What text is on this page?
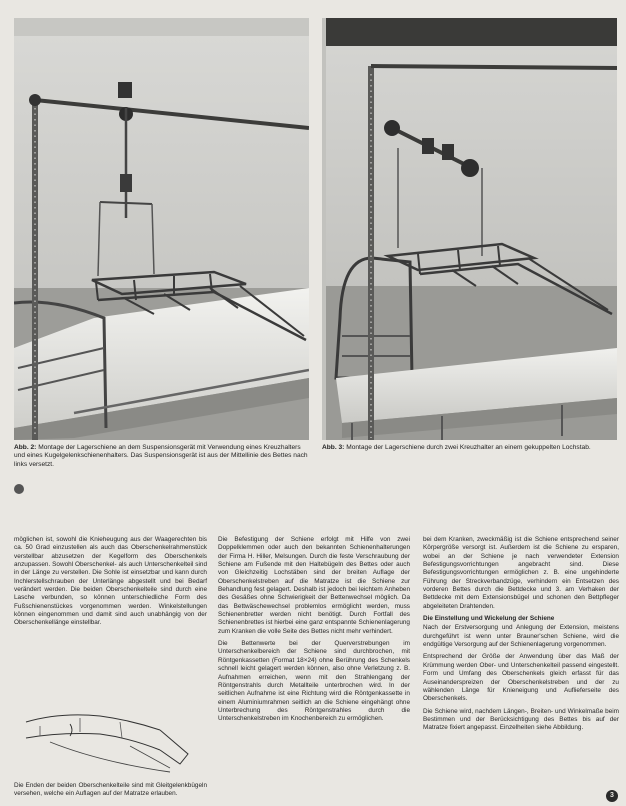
Abb. 2: Montage der Lagerschiene an dem Suspensionsgerät mit Verwendung eines Kreuzhalters und eines Kugelgelenkschienenhalters. Das Suspensionsgerät ist aus der Mittellinie des Bettes nach links versetzt.
Abb. 3: Montage der Lagerschiene durch zwei Kreuzhalter an einem gekuppelten Lochstab.

möglichen ist, sowohl die Knieheugung aus der Waagerechten bis ca. 50 Grad einzustellen als auch das Oberschenkelrahmenstück verstellbar abzusetzen der Kegelform des Oberschenkels anzupassen. Sowohl Oberschenkel- als auch Unterschenkelteil sind in der Länge zu verstellen. Die Sohle ist einsetzbar und kann durch Inchlerstellschrauben der Unterlänge abgestellt und bei Bedarf verändert werden. Die beiden Oberschenkelteile sind durch eine Lasche verbunden, so können unterschiedliche Form des Fußschienenstückes vorgenommen werden. Winkelstellungen können eingenommen und damit sind auch unabhängig von der Oberschenkellänge einstellbar.

Die Enden der beiden Oberschenkelteile sind mit Gleitgelenkbügeln versehen, welche ein Auflagen auf der Matratze erlauben.

Die Befestigung der Schiene erfolgt mit Hilfe von zwei Doppelklemmen oder auch den bekannten Schienenhalterungen der Firma H. Hiller, Melsungen. Durch die feste Verschraubung der Schiene am Fußende mit den Haltebügeln des Bettes oder auch von Gleichzeitig Lochstäben sind der breiten Auflage der Oberschenkelstreben auf die Matratze ist die Schiene zur Behandlung fest gelagert. Deshalb ist jedoch bei leichtem Anheben des Gesäßes ohne Schwierigkeit der Bettenwechsel möglich. Da das Bettwäschewechsel problemlos ermöglicht werden, muss Schienenbretter werden nicht benötigt. Durch Fortfall des Schienenbrettes ist hierbei eine ganz entspannte Schienenlagerung zum Kranken die volle Seite des Bettes nicht mehr verhindert.

Die Bettenwerte bei der Querverstrebungen im Unterschenkelbereich der Schiene sind durchbrochen, mit Röntgenkassetten (Format 18×24) ohne Berührung des Schenkels schnell leicht gelagert werden können, also ohne Verletzung z. B. Aufnahmen erreichen, wenn mit den Strahlengang der Röntgenstrahls durch Metallteile unterbrochen wird. In der seitlichen Aufnahme ist eine Richtung wird die Röntgenkassette in einem Aluminiumrahmen seitlich an die Schiene eingehängt ohne Unterbrechung des Röntgenstrahles durch die Unterschenkelstreben im Knochenbereich zu ermöglichen.

bei dem Kranken, zweckmäßig ist die Schiene entsprechend seiner Körpergröße versorgt ist. Außerdem ist die Schiene zu ersparen, wobei an der Schiene je nach verwendeter Extension Befestigungsvorrichtungen angebracht sind. Diese Befestigungsvorrichtungen ermöglichen z. B. eine ungehinderte Führung der Streckverbandzüge, verhindern ein Entsetzen des vorderen Bettes durch die Bettdecke und 3. am Verhaken der Bettdecke mit dem Extensionsbügel und schonen den Bettpfleger abgeleiteten Drahtenden.

Die Einstellung und Wickelung der Schiene

Nach der Erstversorgung und Anlegung der Extension, meistens durchgeführt ist wenn unter Brauner'schen Schiene, wird die endgültige Versorgung auf der Schienenlagerung vorgenommen.

Entsprechend der Größe der Anwendung über das Maß der Krümmung werden Ober- und Unterschenkelteil passend eingestellt. Form und Umfang des Oberschenkels gleich erfasst für das Auseinanderspreizen der Oberschenkelstreben und der zu wählenden Länge für Knieneigung und Auflieferseite des Oberschenkels.

Die Schiene wird, nachdem Längen-, Breiten- und Winkelmaße beim Bestimmen und der Berücksichtigung des Bettes bis auf der Matratze fixiert angepasst. Einzelheiten siehe Abbildung.

3
